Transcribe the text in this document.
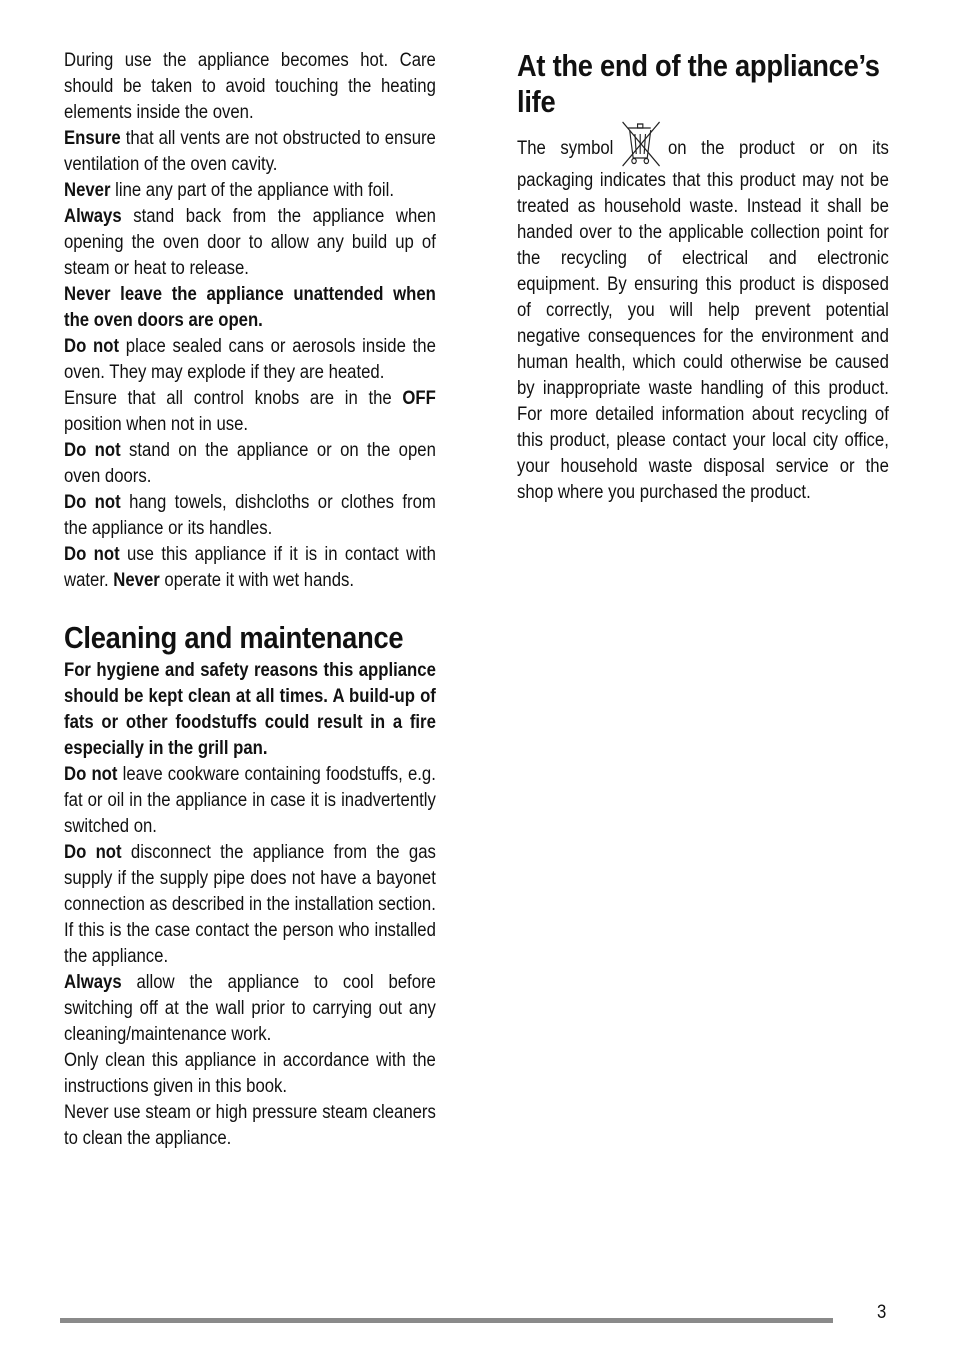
During use the appliance becomes hot. Care should be taken to avoid touching the heating elements inside the oven.

Ensure that all vents are not obstructed to ensure ventilation of the oven cavity.

Never line any part of the appliance with foil.

Always stand back from the appliance when opening the oven door to allow any build up of steam or heat to release.

Never leave the appliance unattended when the oven doors are open.

Do not place sealed cans or aerosols inside the oven. They may explode if they are heated.

Ensure that all control knobs are in the OFF position when not in use.

Do not stand on the appliance or on the open oven doors.

Do not hang towels, dishcloths or clothes from the appliance or its handles.

Do not use this appliance if it is in contact with water. Never operate it with wet hands.

Cleaning and maintenance

For hygiene and safety reasons this appliance should be kept clean at all times. A build-up of fats or other foodstuffs could result in a fire especially in the grill pan.

Do not leave cookware containing foodstuffs, e.g. fat or oil in the appliance in case it is inadvertently switched on.

Do not disconnect the appliance from the gas supply if the supply pipe does not have a bayonet connection as described in the installation section. If this is the case contact the person who installed the appliance.

Always allow the appliance to cool before switching off at the wall prior to carrying out any cleaning/maintenance work.

Only clean this appliance in accordance with the instructions given in this book.

Never use steam or high pressure steam cleaners to clean the appliance.

At the end of the appliance’s life

The symbol	on the product or on its packaging indicates that this product may not be treated as household waste. Instead it shall be handed over to the applicable collection point for the recycling of electrical and electronic equipment. By ensuring this product is disposed of correctly, you will help prevent potential negative consequences for the environment and human health, which could otherwise be caused by inappropriate waste handling of this product. For more detailed information about recycling of this product, please contact your local city office, your household waste disposal service or the shop where you purchased the product.

3
